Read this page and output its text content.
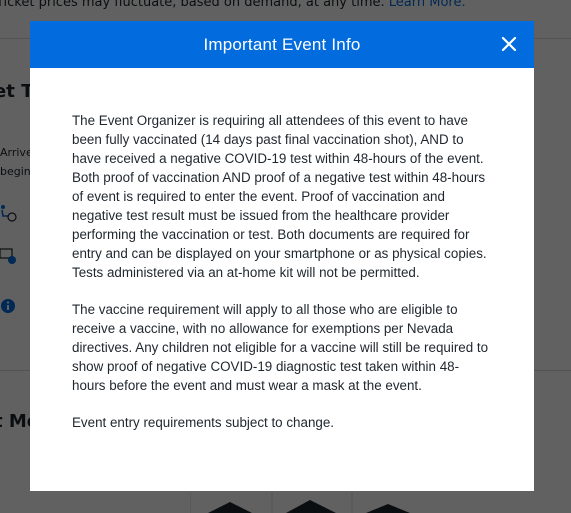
Important Event Info

The Event Organizer is requiring all attendees of this event to have been fully vaccinated (14 days past final vaccination shot), AND to have received a negative COVID-19 test within 48-hours of the event. Both proof of vaccination AND proof of a negative test within 48-hours of event is required to enter the event. Proof of vaccination and negative test result must be issued from the healthcare provider performing the vaccination or test. Both documents are required for entry and can be displayed on your smartphone or as physical copies. Tests administered via an at-home kit will not be permitted.

The vaccine requirement will apply to all those who are eligible to receive a vaccine, with no allowance for exemptions per Nevada directives. Any children not eligible for a vaccine will still be required to show proof of negative COVID-19 diagnostic test taken within 48-hours before the event and must wear a mask at the event.

Event entry requirements subject to change.
